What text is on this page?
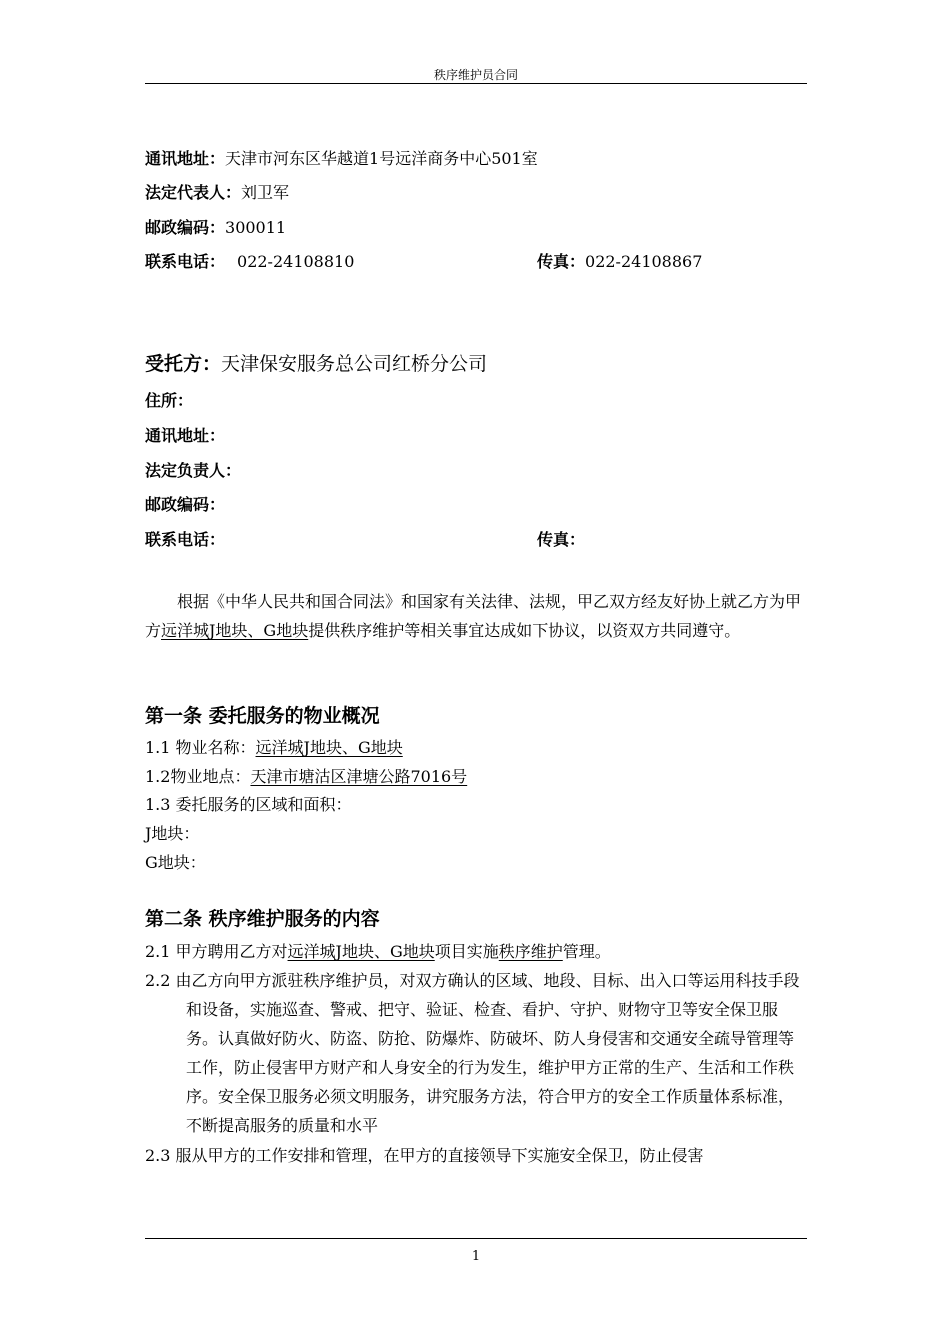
秩序维护员合同
通讯地址：天津市河东区华越道1号远洋商务中心501室
法定代表人：刘卫军
邮政编码：300011
联系电话： 022-24108810	传真：022-24108867
受托方：天津保安服务总公司红桥分公司
住所：
通讯地址：
法定负责人：
邮政编码：
联系电话：	传真：
根据《中华人民共和国合同法》和国家有关法律、法规，甲乙双方经友好协上就乙方为甲方远洋城J地块、G地块提供秩序维护等相关事宜达成如下协议，以资双方共同遵守。
第一条 委托服务的物业概况
1.1 物业名称：远洋城J地块、G地块
1.2物业地点：天津市塘沽区津塘公路7016号
1.3 委托服务的区域和面积：
J地块：
G地块：
第二条 秩序维护服务的内容
2.1 甲方聘用乙方对远洋城J地块、G地块项目实施秩序维护管理。
2.2 由乙方向甲方派驻秩序维护员，对双方确认的区域、地段、目标、出入口等运用科技手段和设备，实施巡查、警戒、把守、验证、检查、看护、守护、财物守卫等安全保卫服务。认真做好防火、防盗、防抢、防爆炸、防破坏、防人身侵害和交通安全疏导管理等工作，防止侵害甲方财产和人身安全的行为发生，维护甲方正常的生产、生活和工作秩序。安全保卫服务必须文明服务，讲究服务方法，符合甲方的安全工作质量体系标准，不断提高服务的质量和水平
2.3 服从甲方的工作安排和管理，在甲方的直接领导下实施安全保卫，防止侵害
1
